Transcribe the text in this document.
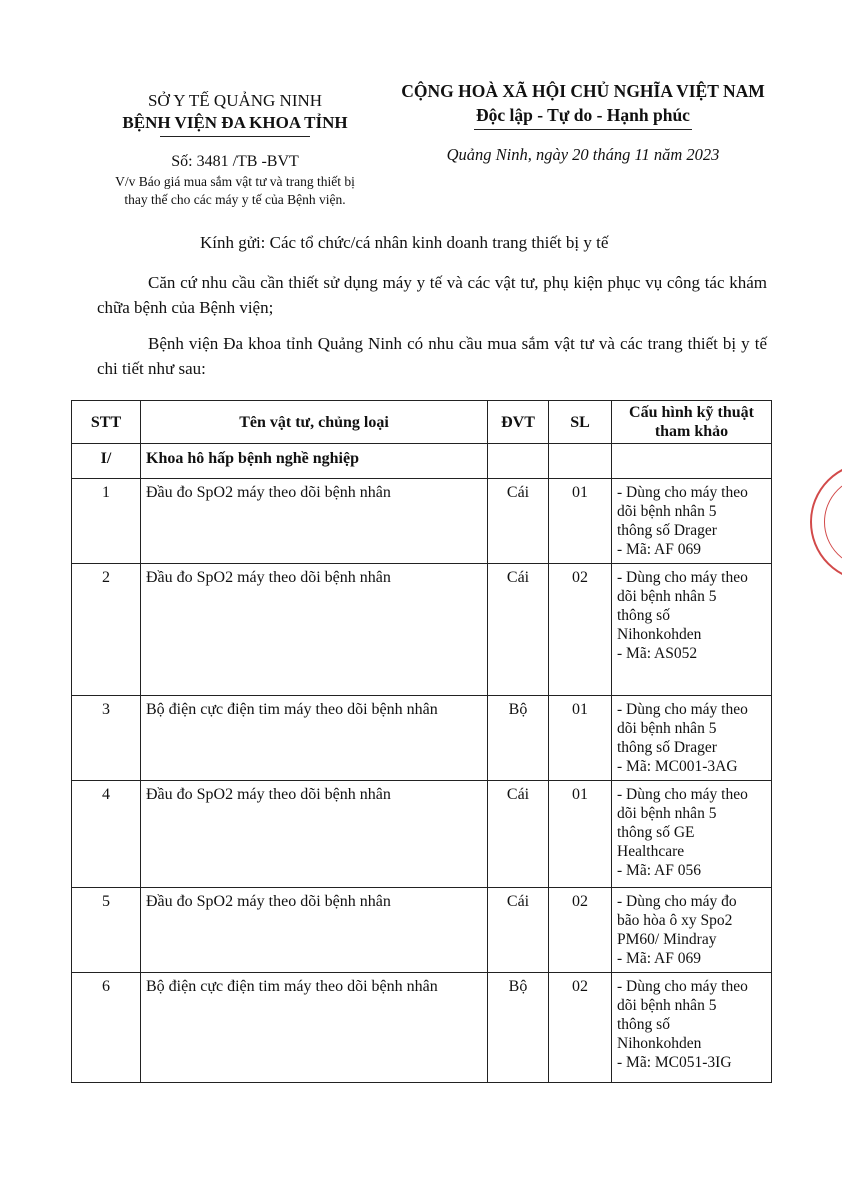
SỞ Y TẾ QUẢNG NINH
BỆNH VIỆN ĐA KHOA TỈNH
Số: 3481 /TB -BVT
V/v Báo giá mua sắm vật tư và trang thiết bị
thay thế cho các máy y tế của Bệnh viện.
CỘNG HOÀ XÃ HỘI CHỦ NGHĨA VIỆT NAM
Độc lập - Tự do - Hạnh phúc
Quảng Ninh, ngày 20 tháng 11 năm 2023
Kính gửi: Các tổ chức/cá nhân kinh doanh trang thiết bị y tế
Căn cứ nhu cầu cần thiết sử dụng máy y tế và các vật tư, phụ kiện phục vụ công tác khám chữa bệnh của Bệnh viện;
Bệnh viện Đa khoa tỉnh Quảng Ninh có nhu cầu mua sắm vật tư và các trang thiết bị y tế chi tiết như sau:
STT	Tên vật tư, chủng loại	ĐVT	SL	Cấu hình kỹ thuật
tham khảo

I/	Khoa hô hấp bệnh nghề nghiệp			
1	Đầu đo SpO2 máy theo dõi bệnh nhân	Cái	01	- Dùng cho máy theo
dõi bệnh nhân 5
thông số Drager
- Mã: AF 069

2	Đầu đo SpO2 máy theo dõi bệnh nhân	Cái	02	- Dùng cho máy theo
dõi bệnh nhân 5
thông số
Nihonkohden
- Mã: AS052

3	Bộ điện cực điện tim máy theo dõi bệnh nhân	Bộ	01	- Dùng cho máy theo
dõi bệnh nhân 5
thông số Drager
- Mã: MC001-3AG

4	Đầu đo SpO2 máy theo dõi bệnh nhân	Cái	01	- Dùng cho máy theo
dõi bệnh nhân 5
thông số GE
Healthcare
- Mã: AF 056

5	Đầu đo SpO2 máy theo dõi bệnh nhân	Cái	02	- Dùng cho máy đo
bão hòa ô xy Spo2
PM60/ Mindray
- Mã: AF 069

6	Bộ điện cực điện tim máy theo dõi bệnh nhân	Bộ	02	- Dùng cho máy theo
dõi bệnh nhân 5
thông số
Nihonkohden
- Mã: MC051-3IG
